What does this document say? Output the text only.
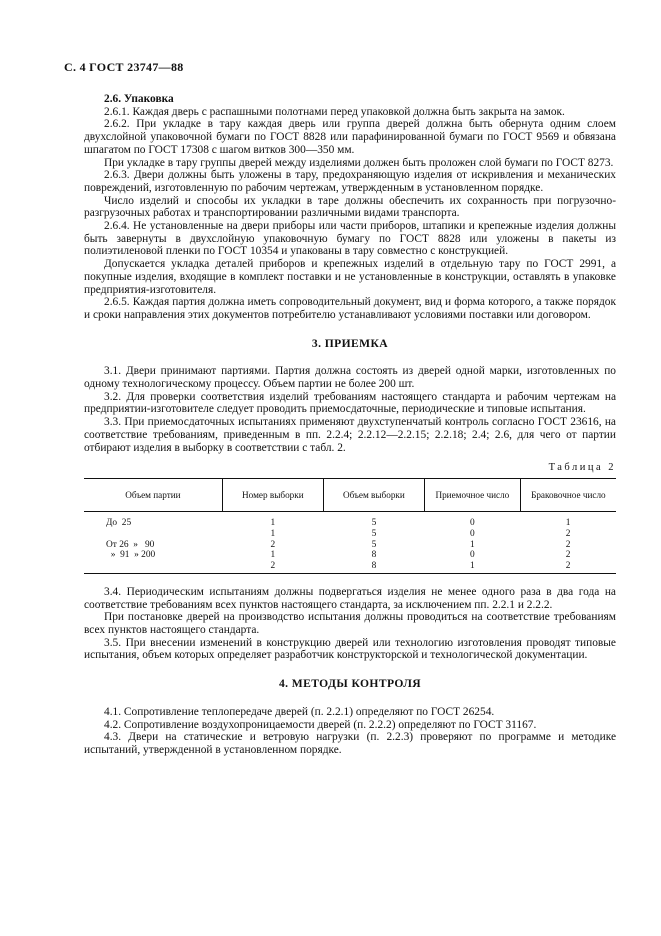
С. 4 ГОСТ 23747—88

2.6. Упаковка

2.6.1. Каждая дверь с распашными полотнами перед упаковкой должна быть закрыта на замок.

2.6.2. При укладке в тару каждая дверь или группа дверей должна быть обернута одним слоем двухслойной упаковочной бумаги по ГОСТ 8828 или парафинированной бумаги по ГОСТ 9569 и обвязана шпагатом по ГОСТ 17308 с шагом витков 300—350 мм.

При укладке в тару группы дверей между изделиями должен быть проложен слой бумаги по ГОСТ 8273.

2.6.3. Двери должны быть уложены в тару, предохраняющую изделия от искривления и механических повреждений, изготовленную по рабочим чертежам, утвержденным в установленном порядке.

Число изделий и способы их укладки в таре должны обеспечить их сохранность при погрузочно-разгрузочных работах и транспортировании различными видами транспорта.

2.6.4. Не установленные на двери приборы или части приборов, штапики и крепежные изделия должны быть завернуты в двухслойную упаковочную бумагу по ГОСТ 8828 или уложены в пакеты из полиэтиленовой пленки по ГОСТ 10354 и упакованы в тару совместно с конструкцией.

Допускается укладка деталей приборов и крепежных изделий в отдельную тару по ГОСТ 2991, а покупные изделия, входящие в комплект поставки и не установленные в конструкции, оставлять в упаковке предприятия-изготовителя.

2.6.5. Каждая партия должна иметь сопроводительный документ, вид и форма которого, а также порядок и сроки направления этих документов потребителю устанавливают условиями поставки или договором.

3. ПРИЕМКА

3.1. Двери принимают партиями. Партия должна состоять из дверей одной марки, изготовленных по одному технологическому процессу. Объем партии не более 200 шт.

3.2. Для проверки соответствия изделий требованиям настоящего стандарта и рабочим чертежам на предприятии-изготовителе следует проводить приемосдаточные, периодические и типовые испытания.

3.3. При приемосдаточных испытаниях применяют двухступенчатый контроль согласно ГОСТ 23616, на соответствие требованиям, приведенным в пп. 2.2.4; 2.2.12—2.2.15; 2.2.18; 2.4; 2.6, для чего от партии отбирают изделия в выборку в соответствии с табл. 2.

Таблица 2
Объем партии	Номер выборки	Объем выборки	Приемочное число	Браковочное число
До  25	1	5	0	1
	1	5	0	2
От 26  »   90	2	5	1	2
»  91  » 200	1	8	0	2
	2	8	1	2

3.4. Периодическим испытаниям должны подвергаться изделия не менее одного раза в два года на соответствие требованиям всех пунктов настоящего стандарта, за исключением пп. 2.2.1 и 2.2.2.

При постановке дверей на производство испытания должны проводиться на соответствие требованиям всех пунктов настоящего стандарта.

3.5. При внесении изменений в конструкцию дверей или технологию изготовления проводят типовые испытания, объем которых определяет разработчик конструкторской и технологической документации.

4. МЕТОДЫ КОНТРОЛЯ

4.1. Сопротивление теплопередаче дверей (п. 2.2.1) определяют по ГОСТ 26254.

4.2. Сопротивление воздухопроницаемости дверей (п. 2.2.2) определяют по ГОСТ 31167.

4.3. Двери на статические и ветровую нагрузки (п. 2.2.3) проверяют по программе и методике испытаний, утвержденной в установленном порядке.
